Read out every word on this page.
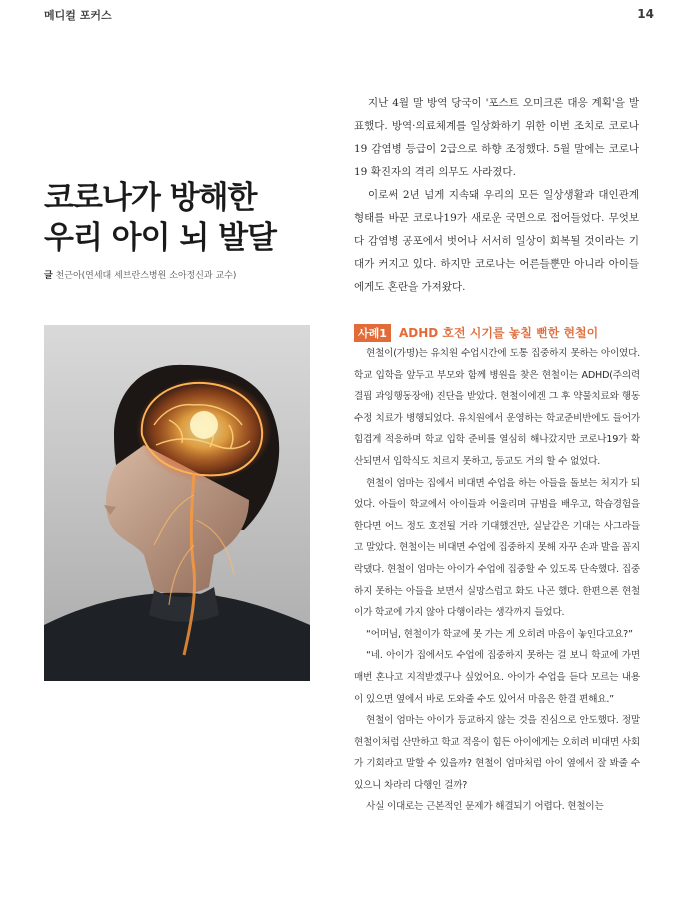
메디컬 포커스	14
코로나가 방해한
우리 아이 뇌 발달
글 천근아(연세대 세브란스병원 소아정신과 교수)

지난 4월 말 방역 당국이 '포스트 오미크론 대응 계획'을 발표했다. 방역·의료체계를 일상화하기 위한 이번 조치로 코로나19 감염병 등급이 2급으로 하향 조정했다. 5월 말에는 코로나19 확진자의 격리 의무도 사라졌다.

이로써 2년 넘게 지속돼 우리의 모든 일상생활과 대인관계 형태를 바꾼 코로나19가 새로운 국면으로 접어들었다. 무엇보다 감염병 공포에서 벗어나 서서히 일상이 회복될 것이라는 기대가 커지고 있다. 하지만 코로나는 어른들뿐만 아니라 아이들에게도 혼란을 가져왔다.

사례1 ADHD 호전 시기를 놓칠 뻔한 현철이

현철이(가명)는 유치원 수업시간에 도통 집중하지 못하는 아이였다. 학교 입학을 앞두고 부모와 함께 병원을 찾은 현철이는 ADHD(주의력결핍 과잉행동장애) 진단을 받았다. 현철이에겐 그 후 약물치료와 행동수정 치료가 병행되었다. 유치원에서 운영하는 학교준비반에도 들어가 힘겹게 적응하며 학교 입학 준비를 열심히 해나갔지만 코로나19가 확산되면서 입학식도 치르지 못하고, 등교도 거의 할 수 없었다.

현철이 엄마는 집에서 비대면 수업을 하는 아들을 돌보는 처지가 되었다. 아들이 학교에서 아이들과 어울리며 규범을 배우고, 학습경험을 한다면 어느 정도 호전될 거라 기대했건만, 실낱같은 기대는 사그라들고 말았다. 현철이는 비대면 수업에 집중하지 못해 자꾸 손과 발을 꼼지락댔다. 현철이 엄마는 아이가 수업에 집중할 수 있도록 단속했다. 집중하지 못하는 아들을 보면서 실망스럽고 화도 나곤 했다. 한편으론 현철이가 학교에 가지 않아 다행이라는 생각까지 들었다.

“어머님, 현철이가 학교에 못 가는 게 오히려 마음이 놓인다고요?”

“네. 아이가 집에서도 수업에 집중하지 못하는 걸 보니 학교에 가면 매번 혼나고 지적받겠구나 싶었어요. 아이가 수업을 듣다 모르는 내용이 있으면 옆에서 바로 도와줄 수도 있어서 마음은 한결 편해요.”

현철이 엄마는 아이가 등교하지 않는 것을 진심으로 안도했다. 정말 현철이처럼 산만하고 학교 적응이 힘든 아이에게는 오히려 비대면 사회가 기회라고 말할 수 있을까? 현철이 엄마처럼 아이 옆에서 잘 봐줄 수 있으니 차라리 다행인 걸까?

사실 이대로는 근본적인 문제가 해결되기 어렵다. 현철이는
